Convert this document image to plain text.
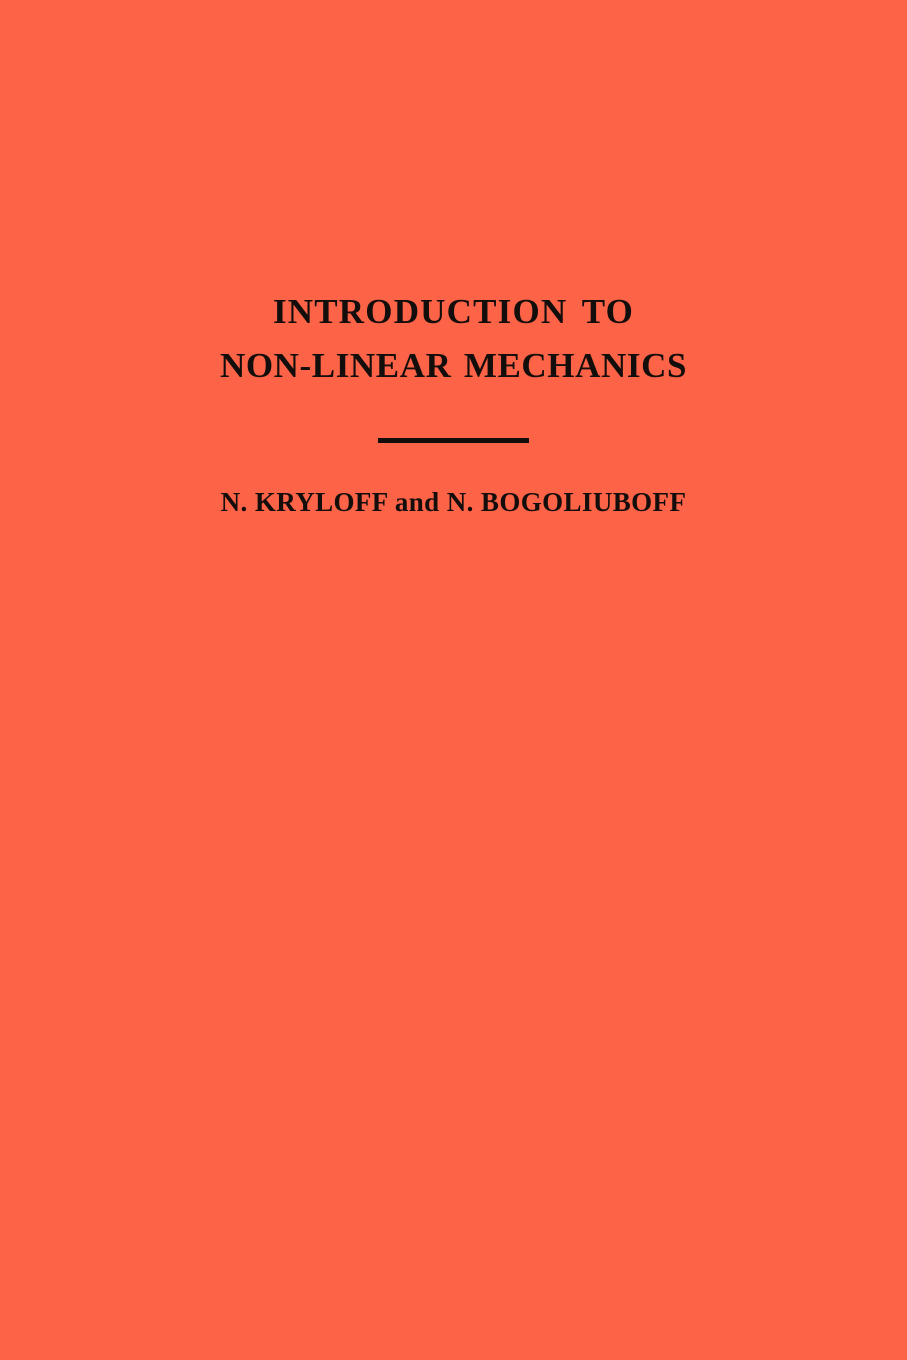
INTRODUCTION TO
NON-LINEAR MECHANICS
N. KRYLOFF and N. BOGOLIUBOFF
